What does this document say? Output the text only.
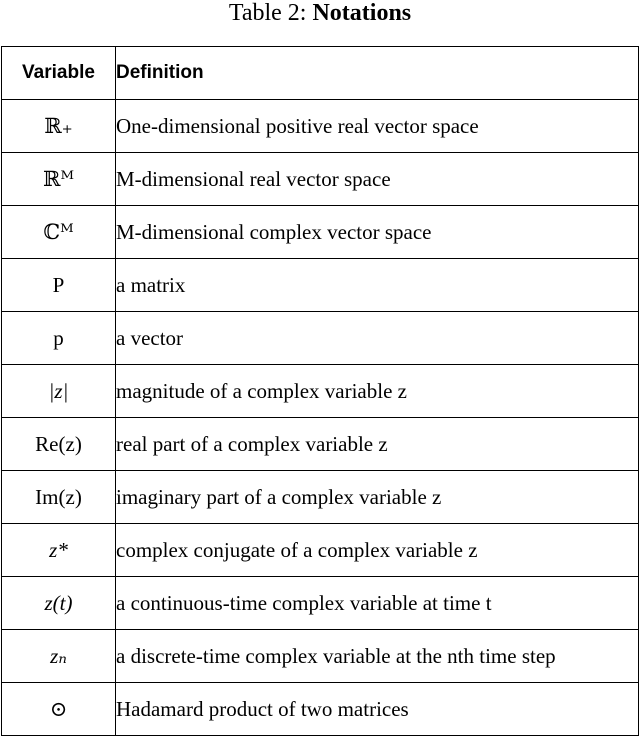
Table 2: Notations
Variable	Definition
ℝ₊	One-dimensional positive real vector space
ℝᴹ	M-dimensional real vector space
ℂᴹ	M-dimensional complex vector space
P	a matrix
p	a vector
|z|	magnitude of a complex variable z
Re(z)	real part of a complex variable z
Im(z)	imaginary part of a complex variable z
z*	complex conjugate of a complex variable z
z(t)	a continuous-time complex variable at time t
zₙ	a discrete-time complex variable at the nth time step
⊙	Hadamard product of two matrices
